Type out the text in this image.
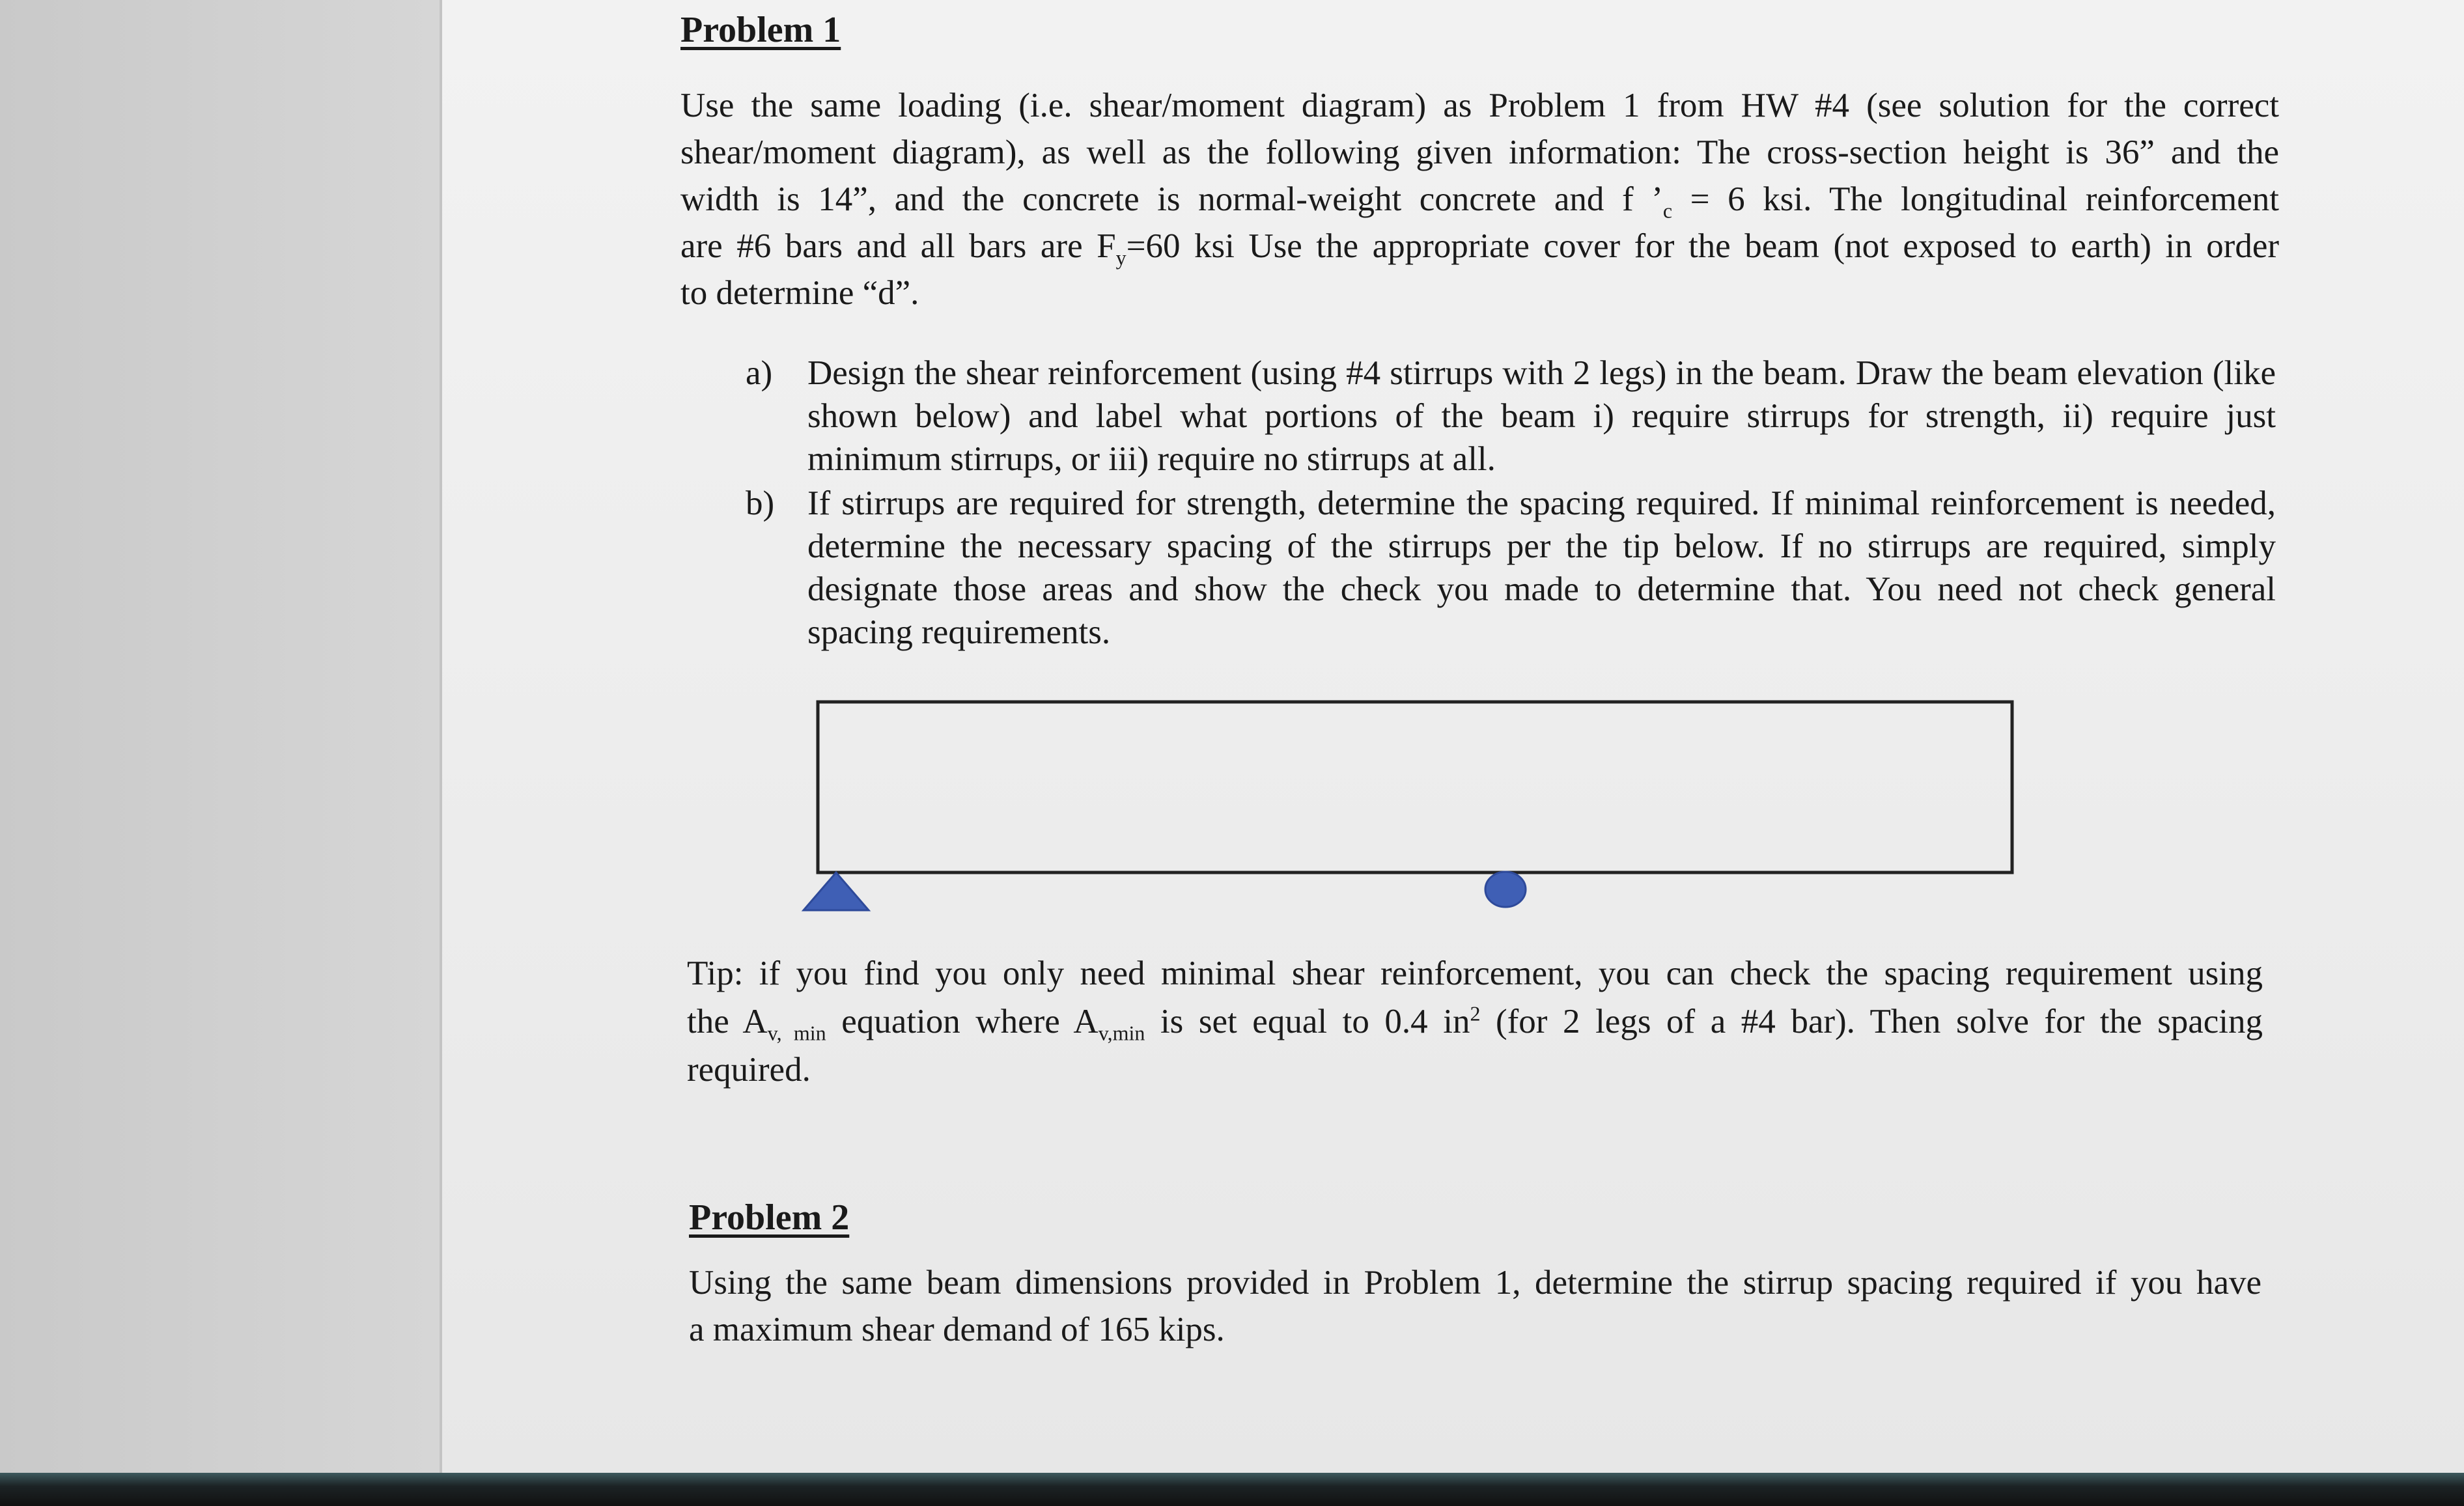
Problem 1
Use the same loading (i.e. shear/moment diagram) as Problem 1 from HW #4 (see solution for the correct
shear/moment diagram), as well as the following given information: The cross-section height is 36” and the
width is 14”, and the concrete is normal-weight concrete and f $’_c = 6$ ksi. The longitudinal reinforcement
are #6 bars and all bars are $F_y=60$ ksi Use the appropriate cover for the beam (not exposed to earth) in order
to determine “d”.
a) Design the shear reinforcement (using #4 stirrups with 2 legs) in the beam. Draw the beam elevation (like shown below) and label what portions of the beam i) require stirrups for strength, ii) require just minimum stirrups, or iii) require no stirrups at all.
b) If stirrups are required for strength, determine the spacing required. If minimal reinforcement is needed, determine the necessary spacing of the stirrups per the tip below. If no stirrups are required, simply designate those areas and show the check you made to determine that. You need not check general spacing requirements.
Tip: if you find you only need minimal shear reinforcement, you can check the spacing requirement using
the $A_{v, min}$ equation where $A_{v,min}$ is set equal to 0.4 $in^2$ (for 2 legs of a #4 bar). Then solve for the spacing
required.
Problem 2
Using the same beam dimensions provided in Problem 1, determine the stirrup spacing required if you have
a maximum shear demand of 165 kips.
